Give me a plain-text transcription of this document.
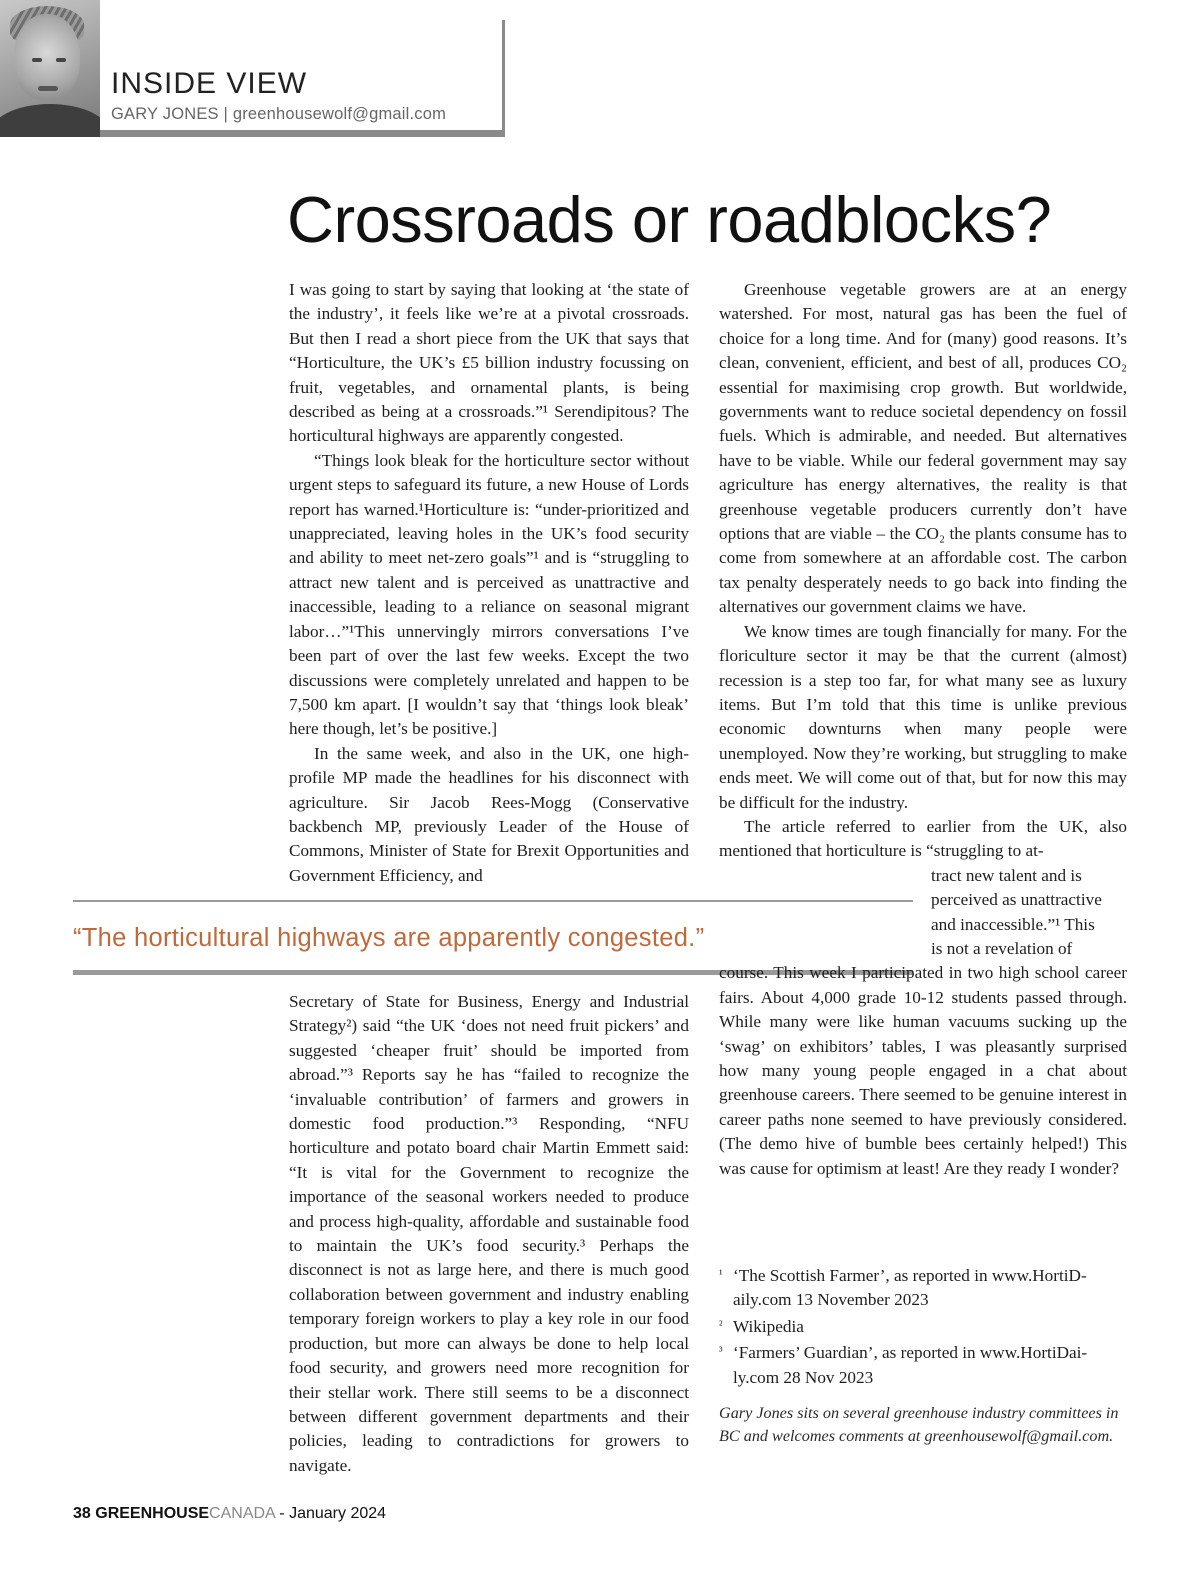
INSIDE VIEW
GARY JONES | greenhousewolf@gmail.com
Crossroads or roadblocks?

I was going to start by saying that looking at ‘the state of the industry’, it feels like we’re at a pivotal crossroads. But then I read a short piece from the UK that says that “Horticulture, the UK’s £5 billion industry focussing on fruit, vegetables, and ornamental plants, is being described as being at a crossroads.”¹ Serendipitous? The horticultural highways are apparently congested.

“Things look bleak for the horticulture sector without urgent steps to safeguard its future, a new House of Lords report has warned.¹Horticulture is: “under-prioritized and unappreciated, leaving holes in the UK’s food security and ability to meet net-zero goals”¹ and is “struggling to attract new talent and is perceived as unattractive and inaccessible, leading to a reliance on seasonal migrant labor…”¹This unnervingly mirrors conversations I’ve been part of over the last few weeks. Except the two discussions were completely unrelated and happen to be 7,500 km apart. [I wouldn’t say that ‘things look bleak’ here though, let’s be positive.]

In the same week, and also in the UK, one high-profile MP made the headlines for his disconnect with agriculture. Sir Jacob Rees-Mogg (Conservative backbench MP, previously Leader of the House of Commons, Minister of State for Brexit Opportunities and Government Efficiency, and

“The horticultural highways are apparently congested.”

Secretary of State for Business, Energy and Industrial Strategy²) said “the UK ‘does not need fruit pickers’ and suggested ‘cheaper fruit’ should be imported from abroad.”³ Reports say he has “failed to recognize the ‘invaluable contribution’ of farmers and growers in domestic food production.”³ Responding, “NFU horticulture and potato board chair Martin Emmett said: “It is vital for the Government to recognize the importance of the seasonal workers needed to produce and process high-quality, affordable and sustainable food to maintain the UK’s food security.³ Perhaps the disconnect is not as large here, and there is much good collaboration between government and industry enabling temporary foreign workers to play a key role in our food production, but more can always be done to help local food security, and growers need more recognition for their stellar work. There still seems to be a disconnect between different government departments and their policies, leading to contradictions for growers to navigate.

Greenhouse vegetable growers are at an energy watershed. For most, natural gas has been the fuel of choice for a long time. And for (many) good reasons. It’s clean, convenient, efficient, and best of all, produces CO₂ essential for maximising crop growth. But worldwide, governments want to reduce societal dependency on fossil fuels. Which is admirable, and needed. But alternatives have to be viable. While our federal government may say agriculture has energy alternatives, the reality is that greenhouse vegetable producers currently don’t have options that are viable – the CO₂ the plants consume has to come from somewhere at an affordable cost. The carbon tax penalty desperately needs to go back into finding the alternatives our government claims we have.

We know times are tough financially for many. For the floriculture sector it may be that the current (almost) recession is a step too far, for what many see as luxury items. But I’m told that this time is unlike previous economic downturns when many people were unemployed. Now they’re working, but struggling to make ends meet. We will come out of that, but for now this may be difficult for the industry.

The article referred to earlier from the UK, also mentioned that horticulture is “struggling to at-

tract new talent and is
perceived as unattractive
and inaccessible.”¹ This
is not a revelation of

course. This week I participated in two high school career fairs. About 4,000 grade 10-12 students passed through. While many were like human vacuums sucking up the ‘swag’ on exhibitors’ tables, I was pleasantly surprised how many young people engaged in a chat about greenhouse careers. There seemed to be genuine interest in career paths none seemed to have previously considered. (The demo hive of bumble bees certainly helped!) This was cause for optimism at least! Are they ready I wonder?

¹ ‘The Scottish Farmer’, as reported in www.HortiD-
aily.com 13 November 2023
² Wikipedia
³ ‘Farmers’ Guardian’, as reported in www.HortiDai-
ly.com 28 Nov 2023
Gary Jones sits on several greenhouse industry committees in BC and welcomes comments at greenhousewolf@gmail.com.
38 GREENHOUSECANADA - January 2024
